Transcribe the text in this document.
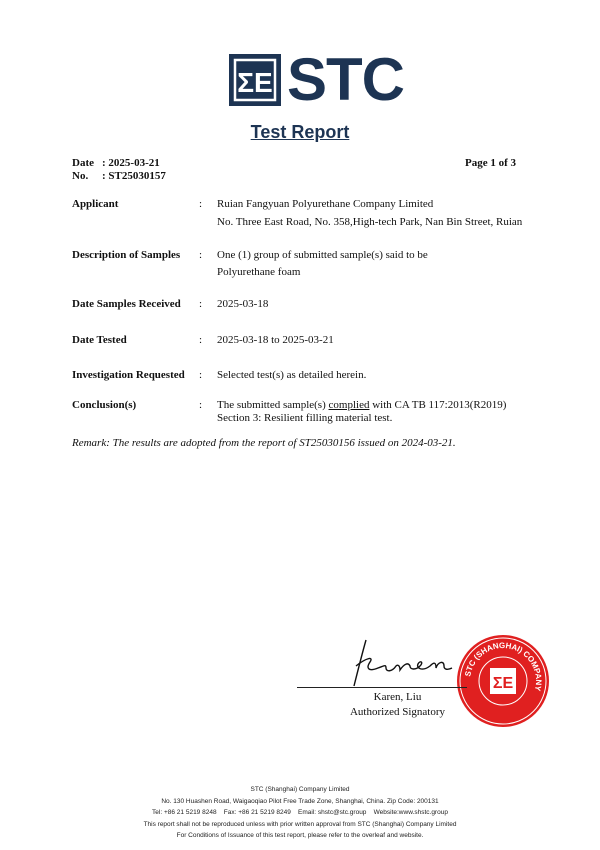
ΣE STC
Test Report
Date : 2025-03-21
No. : ST25030157
Page 1 of 3
Applicant	: Ruian Fangyuan Polyurethane Company Limited
No. Three East Road, No. 358,High-tech Park, Nan Bin Street, Ruian
Description of Samples	: One (1) group of submitted sample(s) said to be
Polyurethane foam
Date Samples Received	: 2025-03-18
Date Tested	: 2025-03-18 to 2025-03-21
Investigation Requested	: Selected test(s) as detailed herein.
Conclusion(s)	: The submitted sample(s) complied with CA TB 117:2013(R2019)
Section 3: Resilient filling material test.
Remark: The results are adopted from the report of ST25030156 issued on 2024-03-21.
STC (SHANGHAI) COMPANY
ΣE
Karen, Liu
Authorized Signatory
STC (Shanghai) Company Limited
No. 130 Huashen Road, Waigaoqiao Pilot Free Trade Zone, Shanghai, China. Zip Code: 200131
Tel: +86 21 5219 8248    Fax: +86 21 5219 8249    Email: shstc@stc.group    Website:www.shstc.group
This report shall not be reproduced unless with prior written approval from STC (Shanghai) Company Limited
For Conditions of Issuance of this test report, please refer to the overleaf and website.
